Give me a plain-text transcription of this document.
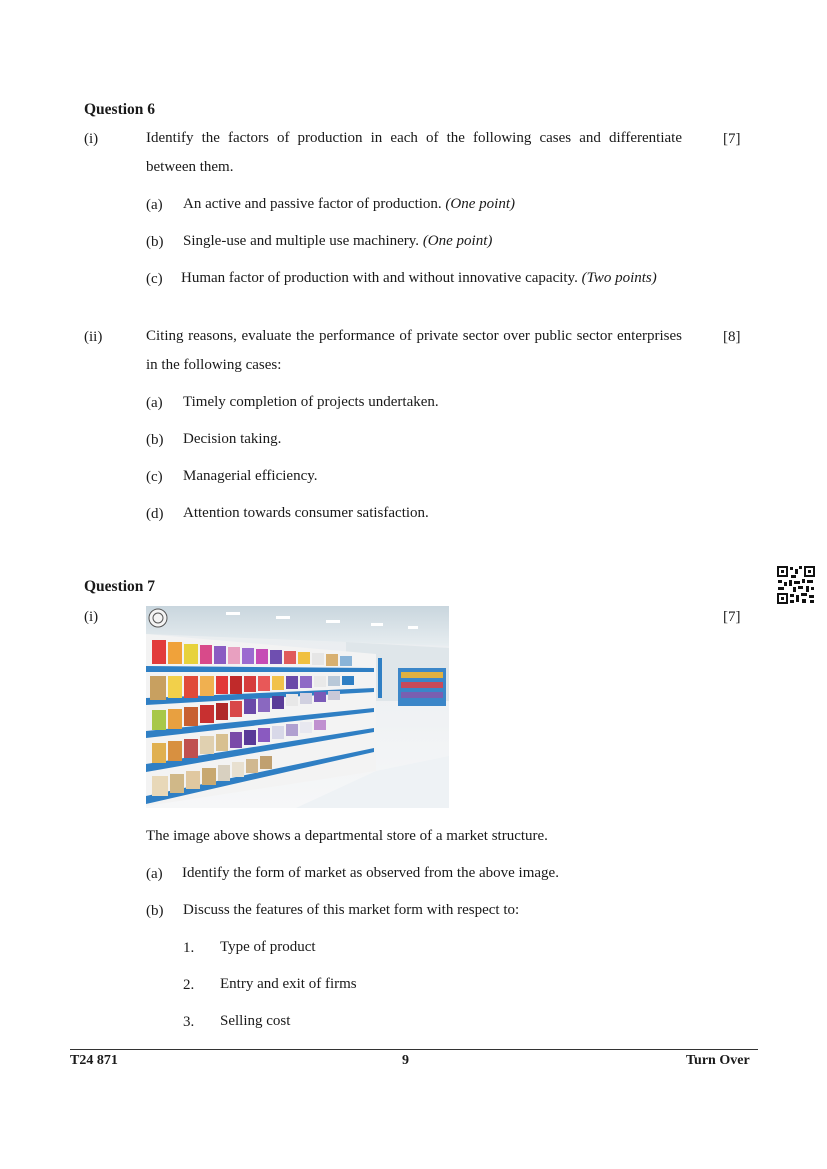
Question 6
(i)	Identify the factors of production in each of the following cases and differentiate between them.
[7]
(a) An active and passive factor of production. (One point)
(b) Single-use and multiple use machinery. (One point)
(c) Human factor of production with and without innovative capacity. (Two points)
(ii)	Citing reasons, evaluate the performance of private sector over public sector enterprises in the following cases:
[8]
(a) Timely completion of projects undertaken.
(b) Decision taking.
(c) Managerial efficiency.
(d) Attention towards consumer satisfaction.
Question 7
(i)	[7]
The image above shows a departmental store of a market structure.
(a) Identify the form of market as observed from the above image.
(b) Discuss the features of this market form with respect to:
1. Type of product
2. Entry and exit of firms
3. Selling cost
T24 871	9	Turn Over
